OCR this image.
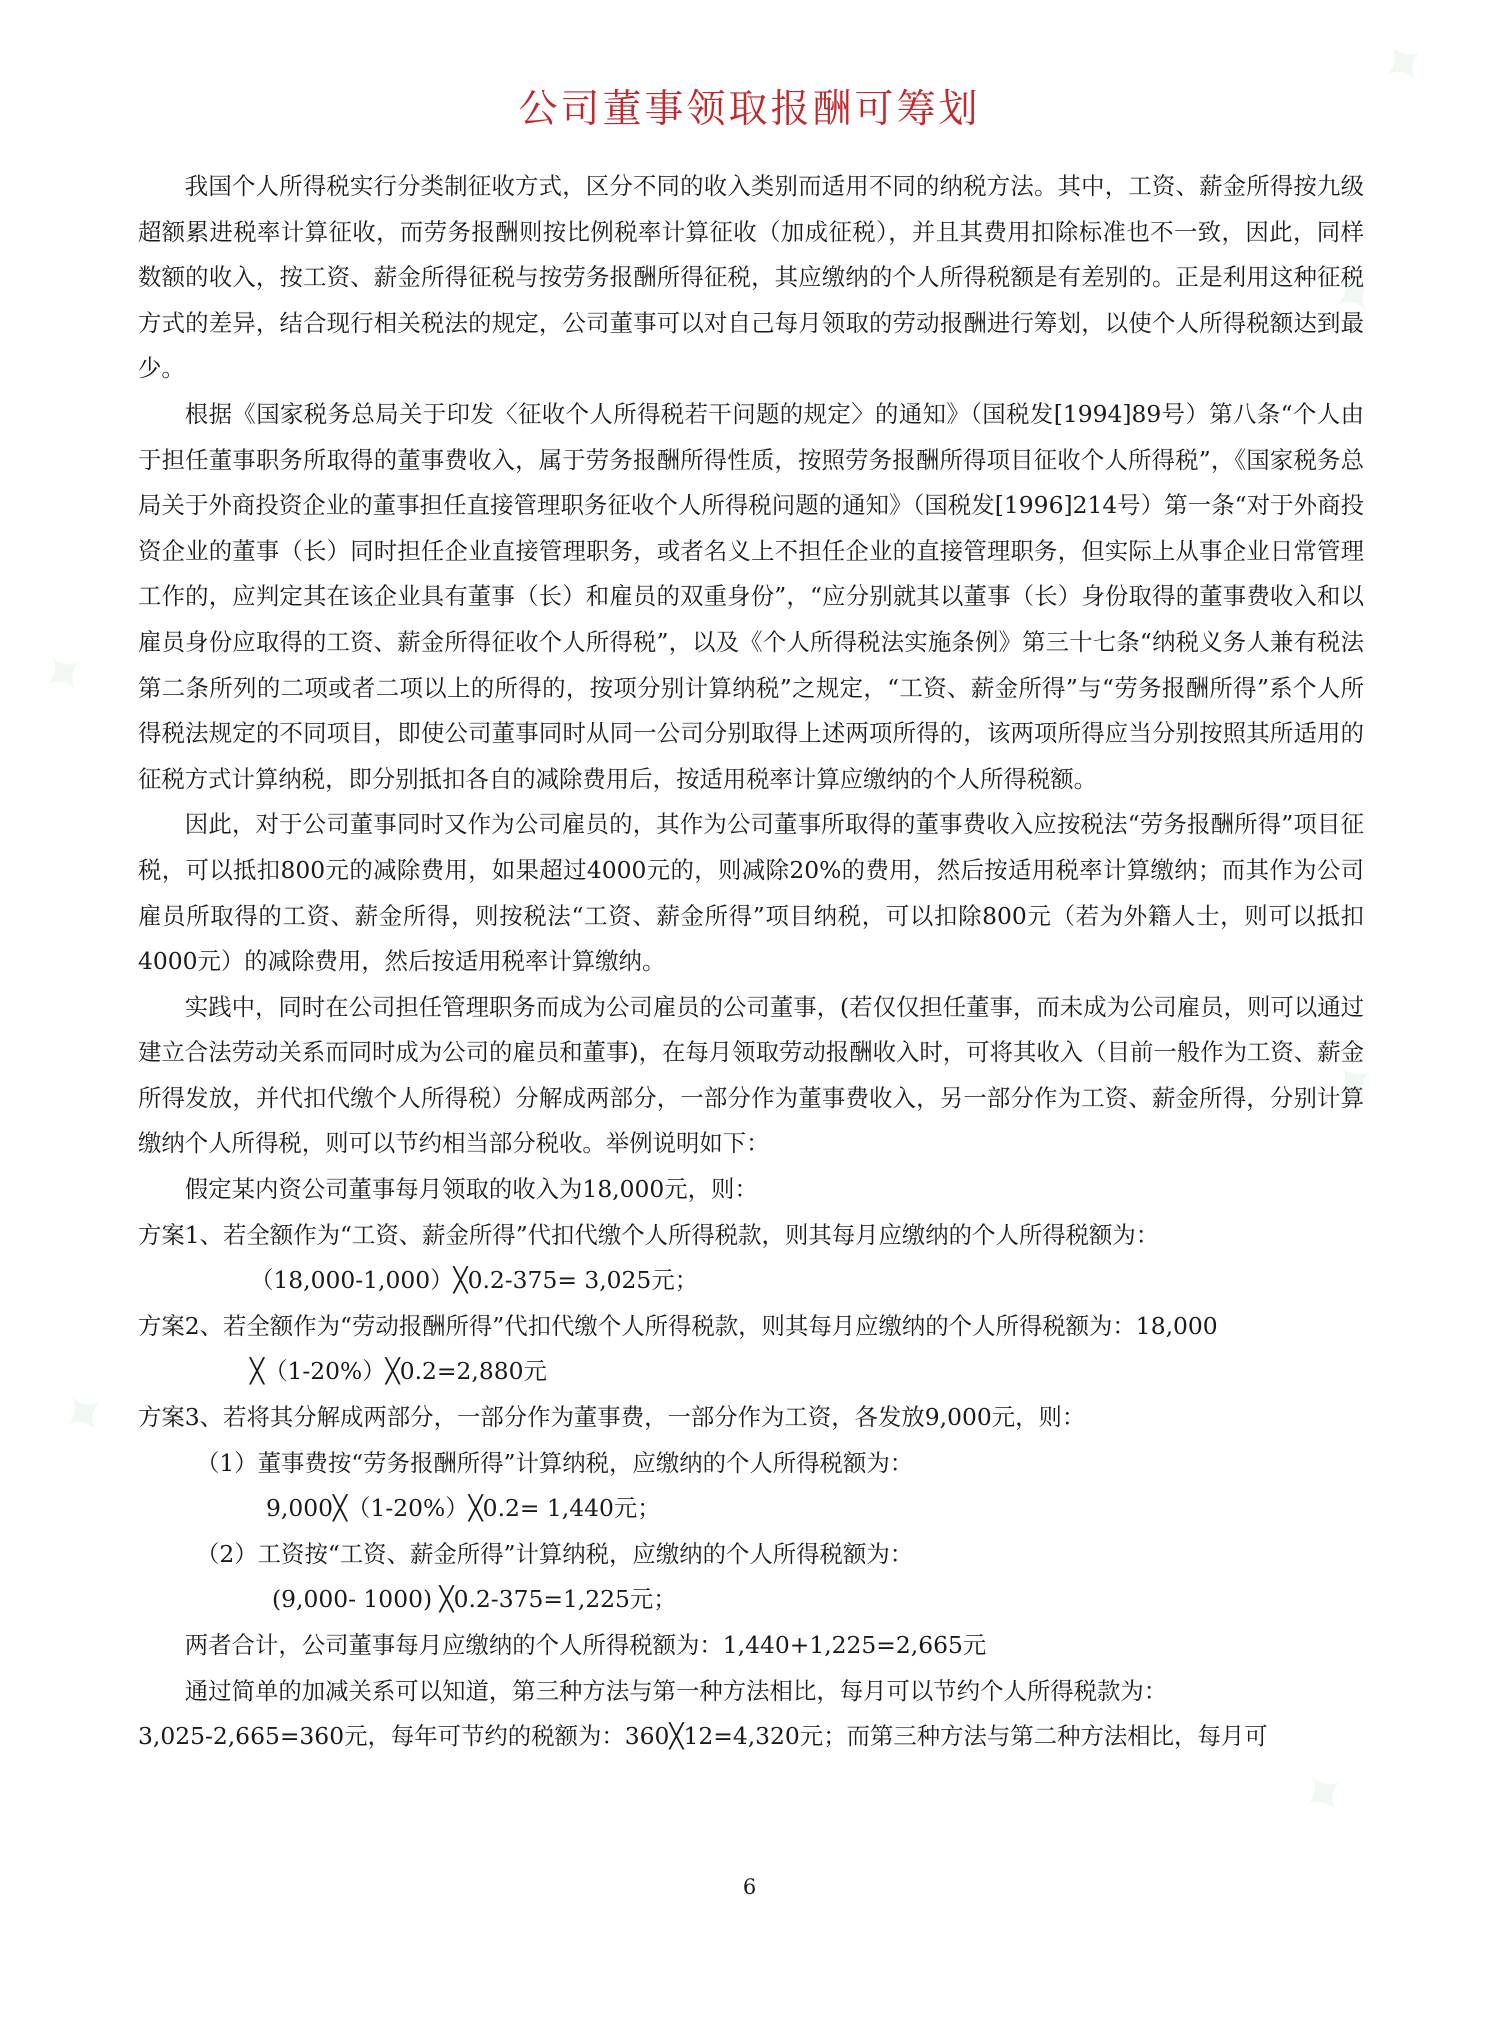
✦
✦
✦
✦
✦
✦
公司董事领取报酬可筹划

我国个人所得税实行分类制征收方式，区分不同的收入类别而适用不同的纳税方法。其中，工资、薪金所得按九级超额累进税率计算征收，而劳务报酬则按比例税率计算征收（加成征税），并且其费用扣除标准也不一致，因此，同样数额的收入，按工资、薪金所得征税与按劳务报酬所得征税，其应缴纳的个人所得税额是有差别的。正是利用这种征税方式的差异，结合现行相关税法的规定，公司董事可以对自己每月领取的劳动报酬进行筹划，以使个人所得税额达到最少。

根据《国家税务总局关于印发〈征收个人所得税若干问题的规定〉的通知》（国税发[1994]89号）第八条“个人由于担任董事职务所取得的董事费收入，属于劳务报酬所得性质，按照劳务报酬所得项目征收个人所得税”，《国家税务总局关于外商投资企业的董事担任直接管理职务征收个人所得税问题的通知》（国税发[1996]214号）第一条“对于外商投资企业的董事（长）同时担任企业直接管理职务，或者名义上不担任企业的直接管理职务，但实际上从事企业日常管理工作的，应判定其在该企业具有董事（长）和雇员的双重身份”，“应分别就其以董事（长）身份取得的董事费收入和以雇员身份应取得的工资、薪金所得征收个人所得税”，以及《个人所得税法实施条例》第三十七条“纳税义务人兼有税法第二条所列的二项或者二项以上的所得的，按项分别计算纳税”之规定，“工资、薪金所得”与“劳务报酬所得”系个人所得税法规定的不同项目，即使公司董事同时从同一公司分别取得上述两项所得的，该两项所得应当分别按照其所适用的征税方式计算纳税，即分别抵扣各自的减除费用后，按适用税率计算应缴纳的个人所得税额。

因此，对于公司董事同时又作为公司雇员的，其作为公司董事所取得的董事费收入应按税法“劳务报酬所得”项目征税，可以抵扣800元的减除费用，如果超过4000元的，则减除20%的费用，然后按适用税率计算缴纳；而其作为公司雇员所取得的工资、薪金所得，则按税法“工资、薪金所得”项目纳税，可以扣除800元（若为外籍人士，则可以抵扣4000元）的减除费用，然后按适用税率计算缴纳。

实践中，同时在公司担任管理职务而成为公司雇员的公司董事，(若仅仅担任董事，而未成为公司雇员，则可以通过建立合法劳动关系而同时成为公司的雇员和董事)，在每月领取劳动报酬收入时，可将其收入（目前一般作为工资、薪金所得发放，并代扣代缴个人所得税）分解成两部分，一部分作为董事费收入，另一部分作为工资、薪金所得，分别计算缴纳个人所得税，则可以节约相当部分税收。举例说明如下：

假定某内资公司董事每月领取的收入为18,000元，则：

方案1、若全额作为“工资、薪金所得”代扣代缴个人所得税款，则其每月应缴纳的个人所得税额为：

（18,000-1,000）╳0.2-375= 3,025元；

方案2、若全额作为“劳动报酬所得”代扣代缴个人所得税款，则其每月应缴纳的个人所得税额为：18,000

╳（1-20%）╳0.2=2,880元

方案3、若将其分解成两部分，一部分作为董事费，一部分作为工资，各发放9,000元，则：

（1）董事费按“劳务报酬所得”计算纳税，应缴纳的个人所得税额为：

9,000╳（1-20%）╳0.2= 1,440元；

（2）工资按“工资、薪金所得”计算纳税，应缴纳的个人所得税额为：

(9,000- 1000) ╳0.2-375=1,225元；

两者合计，公司董事每月应缴纳的个人所得税额为：1,440+1,225=2,665元

通过简单的加减关系可以知道，第三种方法与第一种方法相比，每月可以节约个人所得税款为：

3,025-2,665=360元，每年可节约的税额为：360╳12=4,320元；而第三种方法与第二种方法相比，每月可

6
